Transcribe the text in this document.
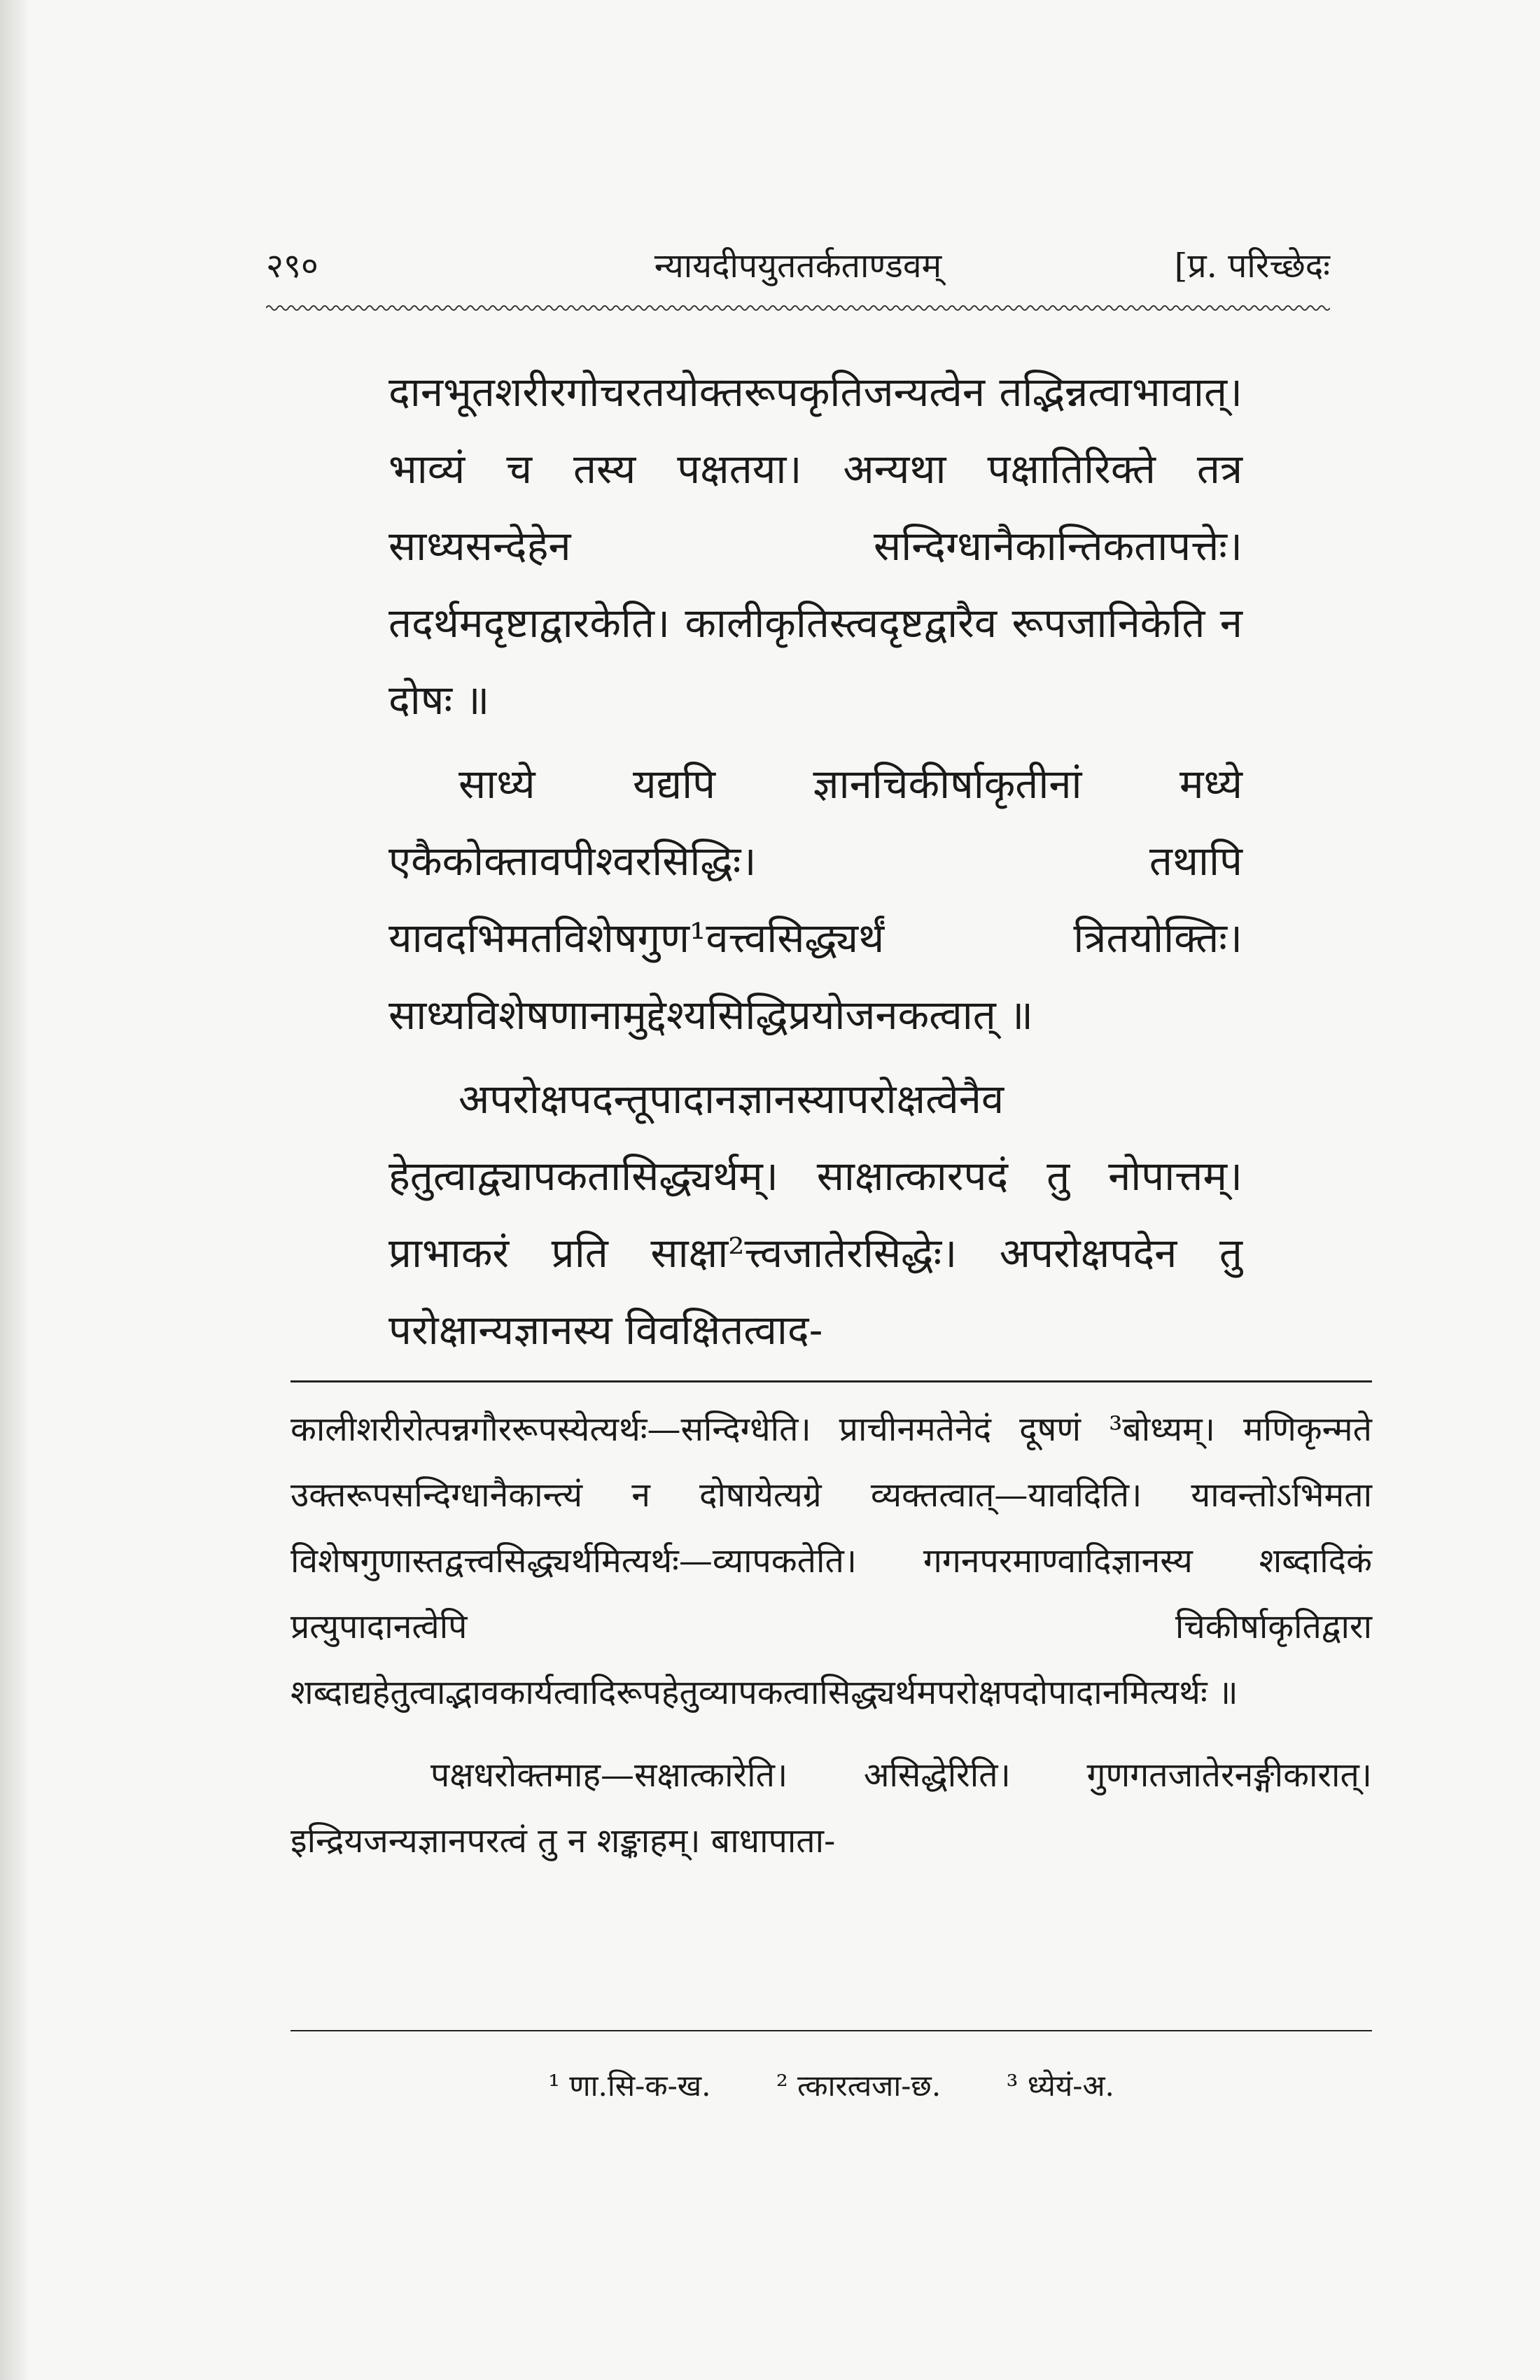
२९०	न्यायदीपयुततर्कताण्डवम्	[प्र. परिच्छेदः

दानभूतशरीरगोचरतयोक्तरूपकृतिजन्यत्वेन तद्भिन्नत्वाभावात्। भाव्यं च तस्य पक्षतया। अन्यथा पक्षातिरिक्ते तत्र साध्यसन्देहेन सन्दिग्धानैकान्तिकतापत्तेः। तदर्थमदृष्टाद्वारकेति। कालीकृतिस्त्वदृष्टद्वारैव रूपजानिकेति न दोषः ॥

साध्ये यद्यपि ज्ञानचिकीर्षाकृतीनां मध्ये एकैकोक्तावपीश्वरसिद्धिः। तथापि यावदभिमतविशेषगुण¹वत्त्वसिद्ध्यर्थं त्रितयोक्तिः। साध्यविशेषणानामुद्देश्यसिद्धिप्रयोजनकत्वात् ॥

अपरोक्षपदन्तूपादानज्ञानस्यापरोक्षत्वेनैव हेतुत्वाद्व्यापकतासिद्ध्यर्थम्। साक्षात्कारपदं तु नोपात्तम्। प्राभाकरं प्रति साक्षा²त्त्वजातेरसिद्धेः। अपरोक्षपदेन तु परोक्षान्यज्ञानस्य विवक्षितत्वाद-

कालीशरीरोत्पन्नगौररूपस्येत्यर्थः—सन्दिग्धेति। प्राचीनमतेनेदं दूषणं ³बोध्यम्। मणिकृन्मते उक्तरूपसन्दिग्धानैकान्त्यं न दोषायेत्यग्रे व्यक्तत्वात्—यावदिति। यावन्तोऽभिमता विशेषगुणास्तद्वत्त्वसिद्ध्यर्थमित्यर्थः—व्यापकतेति। गगनपरमाण्वादिज्ञानस्य शब्दादिकं प्रत्युपादानत्वेपि चिकीर्षाकृतिद्वारा शब्दाद्यहेतुत्वाद्भावकार्यत्वादिरूपहेतुव्यापकत्वासिद्ध्यर्थमपरोक्षपदोपादानमित्यर्थः ॥

पक्षधरोक्तमाह—सक्षात्कारेति। असिद्धेरिति। गुणगतजातेरनङ्गीकारात्। इन्द्रियजन्यज्ञानपरत्वं तु न शङ्काहम्। बाधापाता-

¹ णा.सि-क-ख. ² त्कारत्वजा-छ. ³ ध्येयं-अ.
